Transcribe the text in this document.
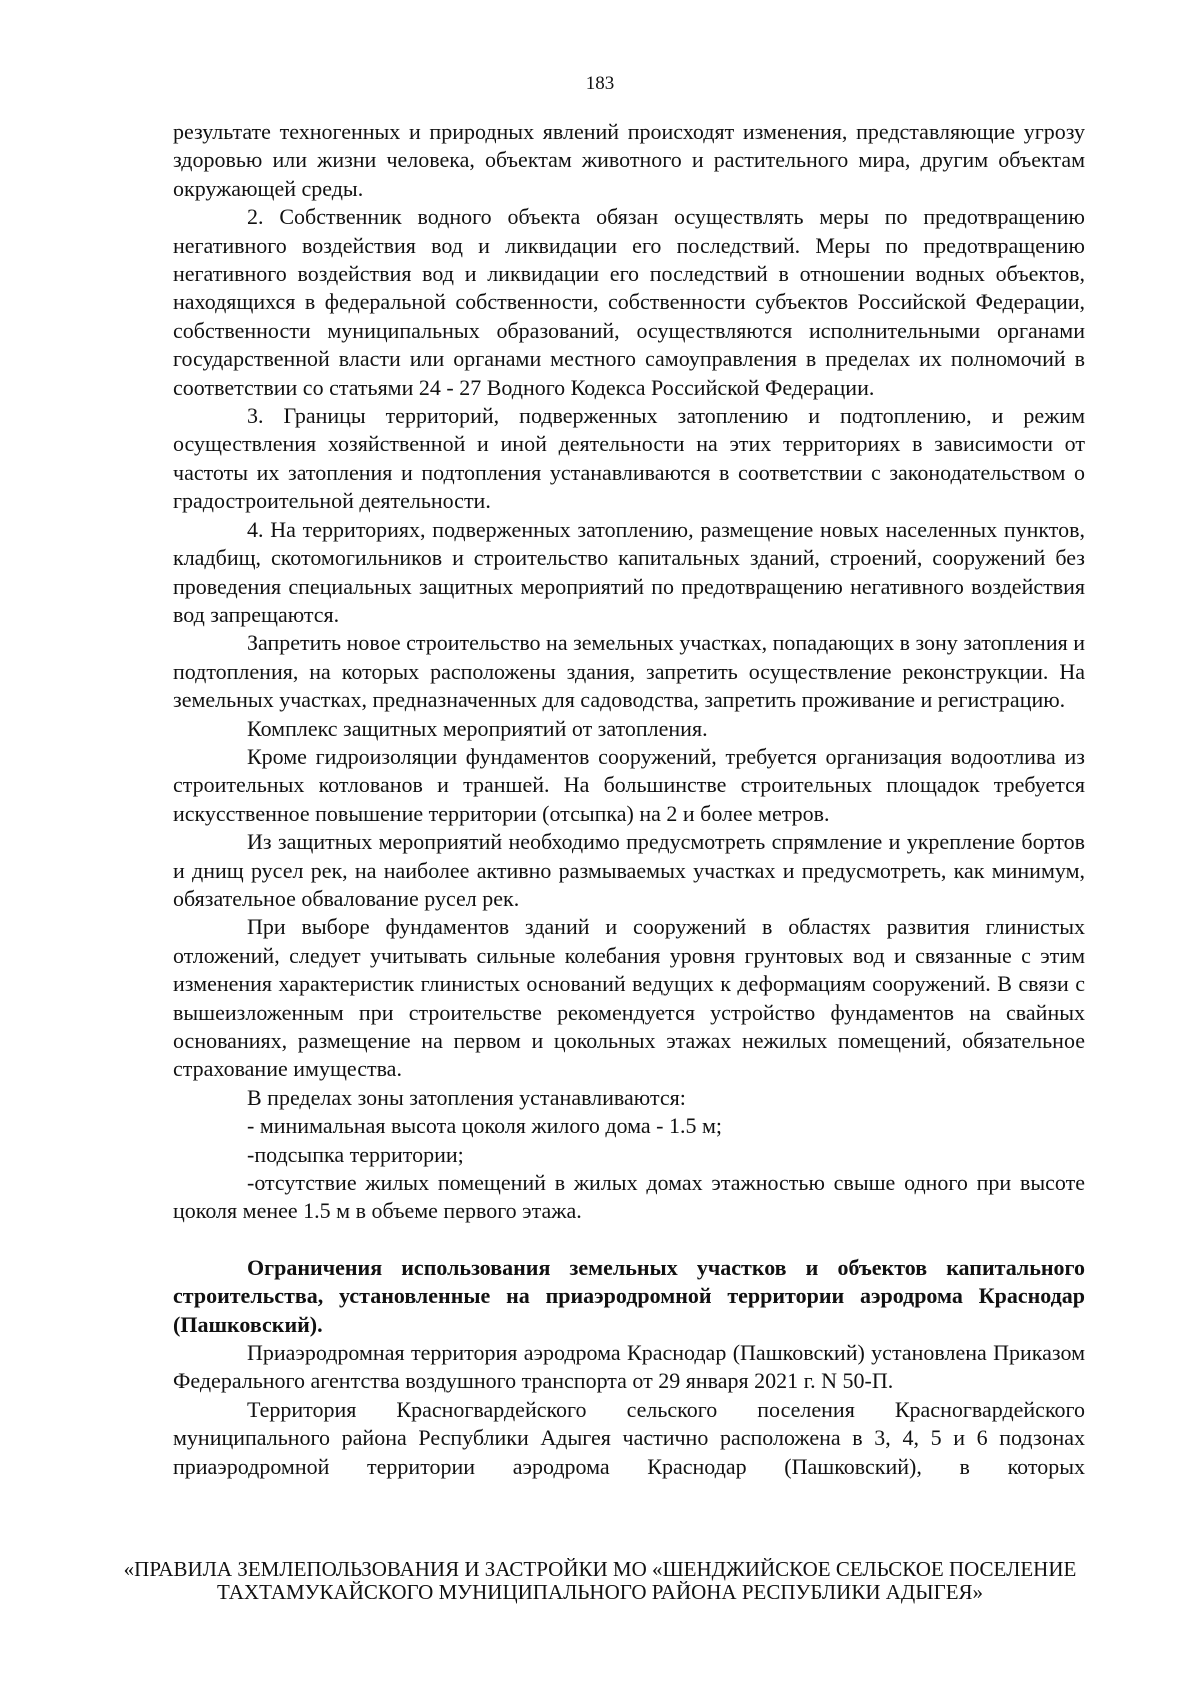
183

результате техногенных и природных явлений происходят изменения, представляющие угрозу здоровью или жизни человека, объектам животного и растительного мира, другим объектам окружающей среды.

2. Собственник водного объекта обязан осуществлять меры по предотвращению негативного воздействия вод и ликвидации его последствий. Меры по предотвращению негативного воздействия вод и ликвидации его последствий в отношении водных объектов, находящихся в федеральной собственности, собственности субъектов Российской Федерации, собственности муниципальных образований, осуществляются исполнительными органами государственной власти или органами местного самоуправления в пределах их полномочий в соответствии со статьями 24 - 27 Водного Кодекса Российской Федерации.

3. Границы территорий, подверженных затоплению и подтоплению, и режим осуществления хозяйственной и иной деятельности на этих территориях в зависимости от частоты их затопления и подтопления устанавливаются в соответствии с законодательством о градостроительной деятельности.

4. На территориях, подверженных затоплению, размещение новых населенных пунктов, кладбищ, скотомогильников и строительство капитальных зданий, строений, сооружений без проведения специальных защитных мероприятий по предотвращению негативного воздействия вод запрещаются.

Запретить новое строительство на земельных участках, попадающих в зону затопления и подтопления, на которых расположены здания, запретить осуществление реконструкции. На земельных участках, предназначенных для садоводства, запретить проживание и регистрацию.

Комплекс защитных мероприятий от затопления.

Кроме гидроизоляции фундаментов сооружений, требуется организация водоотлива из строительных котлованов и траншей. На большинстве строительных площадок требуется искусственное повышение территории (отсыпка) на 2 и более метров.

Из защитных мероприятий необходимо предусмотреть спрямление и укрепление бортов и днищ русел рек, на наиболее активно размываемых участках и предусмотреть, как минимум, обязательное обвалование русел рек.

При выборе фундаментов зданий и сооружений в областях развития глинистых отложений, следует учитывать сильные колебания уровня грунтовых вод и связанные с этим изменения характеристик глинистых оснований ведущих к деформациям сооружений. В связи с вышеизложенным при строительстве рекомендуется устройство фундаментов на свайных основаниях, размещение на первом и цокольных этажах нежилых помещений, обязательное страхование имущества.

В пределах зоны затопления устанавливаются:

- минимальная высота цоколя жилого дома - 1.5 м;

-подсыпка территории;

-отсутствие жилых помещений в жилых домах этажностью свыше одного при высоте цоколя менее 1.5 м в объеме первого этажа.

Ограничения использования земельных участков и объектов капитального строительства, установленные на приаэродромной территории аэродрома Краснодар (Пашковский).

Приаэродромная территория аэродрома Краснодар (Пашковский) установлена Приказом Федерального агентства воздушного транспорта от 29 января 2021 г. N 50-П.

Территория Красногвардейского сельского поселения Красногвардейского муниципального района Республики Адыгея частично расположена в 3, 4, 5 и 6 подзонах приаэродромной территории аэродрома Краснодар (Пашковский), в которых

«ПРАВИЛА ЗЕМЛЕПОЛЬЗОВАНИЯ И ЗАСТРОЙКИ МО «ШЕНДЖИЙСКОЕ СЕЛЬСКОЕ ПОСЕЛЕНИЕ
ТАХТАМУКАЙСКОГО МУНИЦИПАЛЬНОГО РАЙОНА РЕСПУБЛИКИ АДЫГЕЯ»
